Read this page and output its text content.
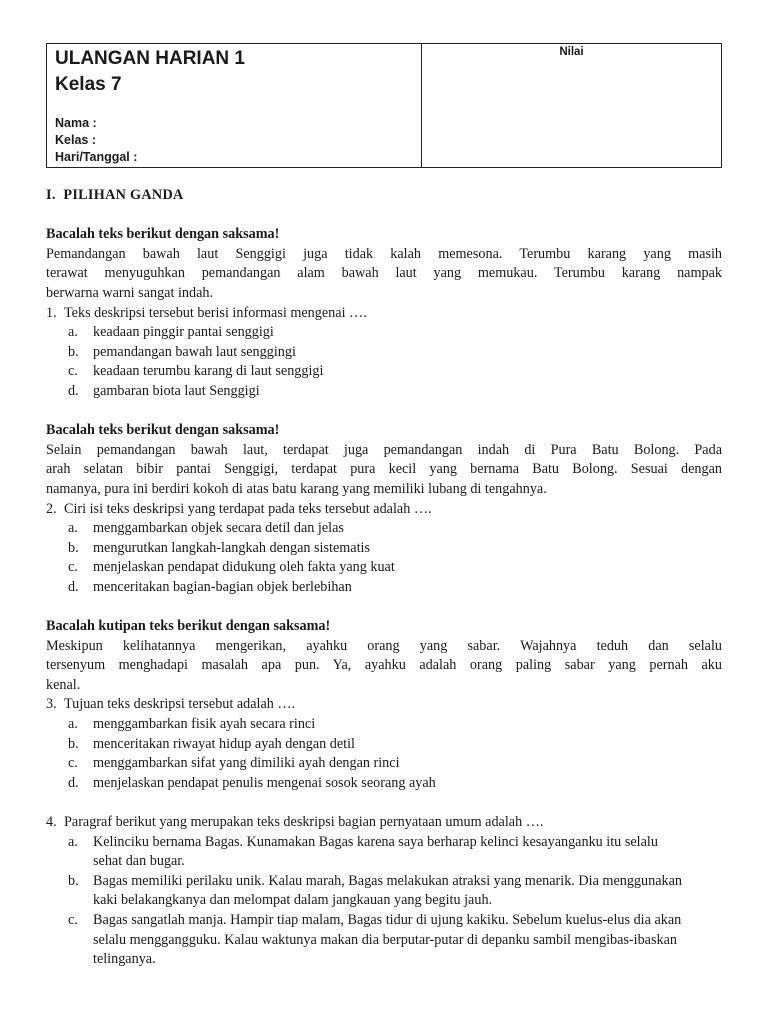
ULANGAN HARIAN 1
Kelas 7
Nama :
Kelas :
Hari/Tanggal :
Nilai
I. PILIHAN GANDA
Bacalah teks berikut dengan saksama!
Pemandangan bawah laut Senggigi juga tidak kalah memesona. Terumbu karang yang masih
terawat menyuguhkan pemandangan alam bawah laut yang memukau. Terumbu karang nampak
berwarna warni sangat indah.
1. Teks deskripsi tersebut berisi informasi mengenai ….
a.	keadaan pinggir pantai senggigi
b.	pemandangan bawah laut senggingi
c.	keadaan terumbu karang di laut senggigi
d.	gambaran biota laut Senggigi
Bacalah teks berikut dengan saksama!
Selain pemandangan bawah laut, terdapat juga pemandangan indah di Pura Batu Bolong. Pada
arah selatan bibir pantai Senggigi, terdapat pura kecil yang bernama Batu Bolong. Sesuai dengan
namanya, pura ini berdiri kokoh di atas batu karang yang memiliki lubang di tengahnya.
2. Ciri isi teks deskripsi yang terdapat pada teks tersebut adalah ….
a.	menggambarkan objek secara detil dan jelas
b.	mengurutkan langkah-langkah dengan sistematis
c.	menjelaskan pendapat didukung oleh fakta yang kuat
d.	menceritakan bagian-bagian objek berlebihan
Bacalah kutipan teks berikut dengan saksama!
Meskipun kelihatannya mengerikan, ayahku orang yang sabar. Wajahnya teduh dan selalu
tersenyum menghadapi masalah apa pun. Ya, ayahku adalah orang paling sabar yang pernah aku
kenal.
3. Tujuan teks deskripsi tersebut adalah ….
a.	menggambarkan fisik ayah secara rinci
b.	menceritakan riwayat hidup ayah dengan detil
c.	menggambarkan sifat yang dimiliki ayah dengan rinci
d.	menjelaskan pendapat penulis mengenai sosok seorang ayah
4. Paragraf berikut yang merupakan teks deskripsi bagian pernyataan umum adalah ….
a.	Kelinciku bernama Bagas. Kunamakan Bagas karena saya berharap kelinci kesayanganku itu selalu sehat dan bugar.
b.	Bagas memiliki perilaku unik. Kalau marah, Bagas melakukan atraksi yang menarik. Dia menggunakan kaki belakangkanya dan melompat dalam jangkauan yang begitu jauh.
c.	Bagas sangatlah manja. Hampir tiap malam, Bagas tidur di ujung kakiku. Sebelum kuelus-elus dia akan selalu menggangguku. Kalau waktunya makan dia berputar-putar di depanku sambil mengibas-ibaskan telinganya.
